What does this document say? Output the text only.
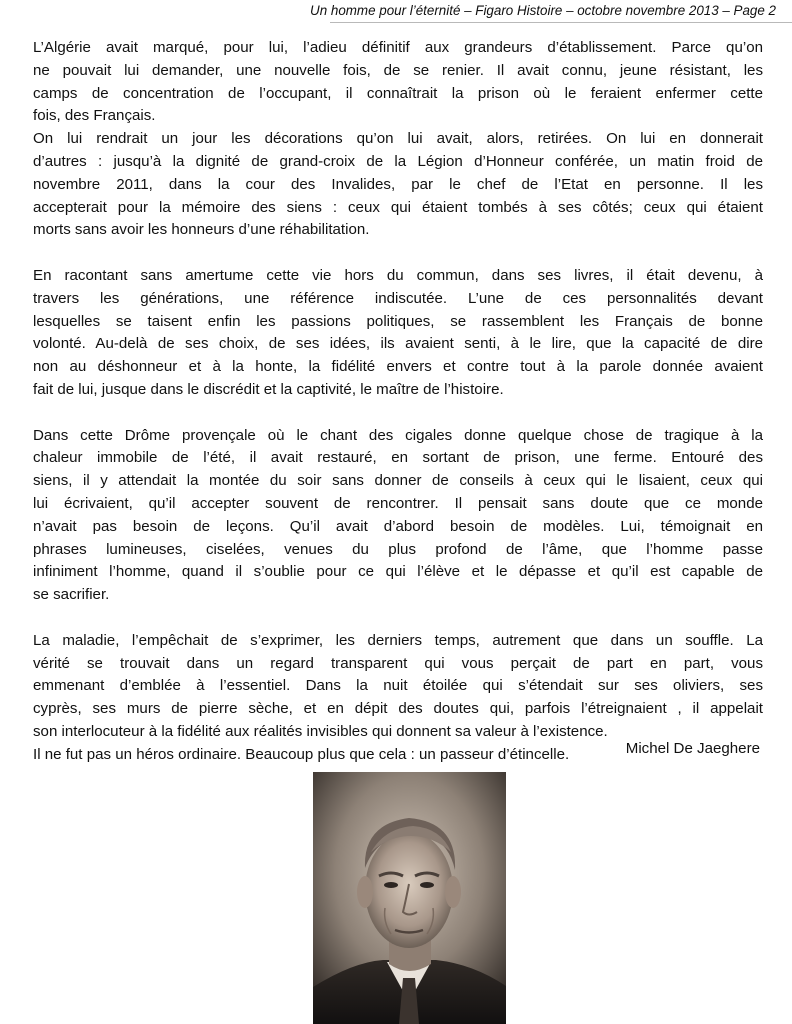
Un homme pour l’éternité – Figaro Histoire – octobre novembre 2013 – Page 2

L’Algérie avait marqué, pour lui, l’adieu définitif aux grandeurs d’établissement. Parce qu’on
ne pouvait lui demander, une nouvelle fois, de se renier. Il avait connu, jeune résistant, les
camps de concentration de l’occupant, il connaîtrait la prison où le feraient enfermer cette
fois, des Français.
On lui rendrait un jour les décorations qu’on lui avait, alors, retirées. On lui en donnerait
d’autres : jusqu’à la dignité de grand-croix de la Légion d’Honneur conférée, un matin froid de
novembre 2011, dans la cour des Invalides, par le chef de l’Etat en personne. Il les
accepterait pour la mémoire des siens : ceux qui étaient tombés à ses côtés; ceux qui étaient
morts sans avoir les honneurs d’une réhabilitation.

En racontant sans amertume cette vie hors du commun, dans ses livres, il était devenu, à
travers les générations, une référence indiscutée. L’une de ces personnalités devant
lesquelles se taisent enfin les passions politiques, se rassemblent les Français de bonne
volonté. Au-delà de ses choix, de ses idées, ils avaient senti, à le lire, que la capacité de dire
non au déshonneur et à la honte, la fidélité envers et contre tout à la parole donnée avaient
fait de lui, jusque dans le discrédit et la captivité, le maître de l’histoire.

Dans cette Drôme provençale où le chant des cigales donne quelque chose de tragique à la
chaleur immobile de l’été, il avait restauré, en sortant de prison, une ferme. Entouré des
siens, il y attendait la montée du soir sans donner de conseils à ceux qui le lisaient, ceux qui
lui écrivaient, qu’il accepter souvent de rencontrer. Il pensait sans doute que ce monde
n’avait pas besoin de leçons. Qu’il avait d’abord besoin de modèles. Lui, témoignait en
phrases lumineuses, ciselées, venues du plus profond de l’âme, que l’homme passe
infiniment l’homme, quand il s’oublie pour ce qui l’élève et le dépasse et qu’il est capable de
se sacrifier.

La maladie, l’empêchait de s’exprimer, les derniers temps, autrement que dans un souffle. La
vérité se trouvait dans un regard transparent qui vous perçait de part en part, vous
emmenant d’emblée à l’essentiel. Dans la nuit étoilée qui s’étendait sur ses oliviers, ses
cyprès, ses murs de pierre sèche, et en dépit des doutes qui, parfois l’étreignaient , il appelait
son interlocuteur à la fidélité aux réalités invisibles qui donnent sa valeur à l’existence.
Il ne fut pas un héros ordinaire. Beaucoup plus que cela : un passeur d’étincelle.	Michel De Jaeghere
